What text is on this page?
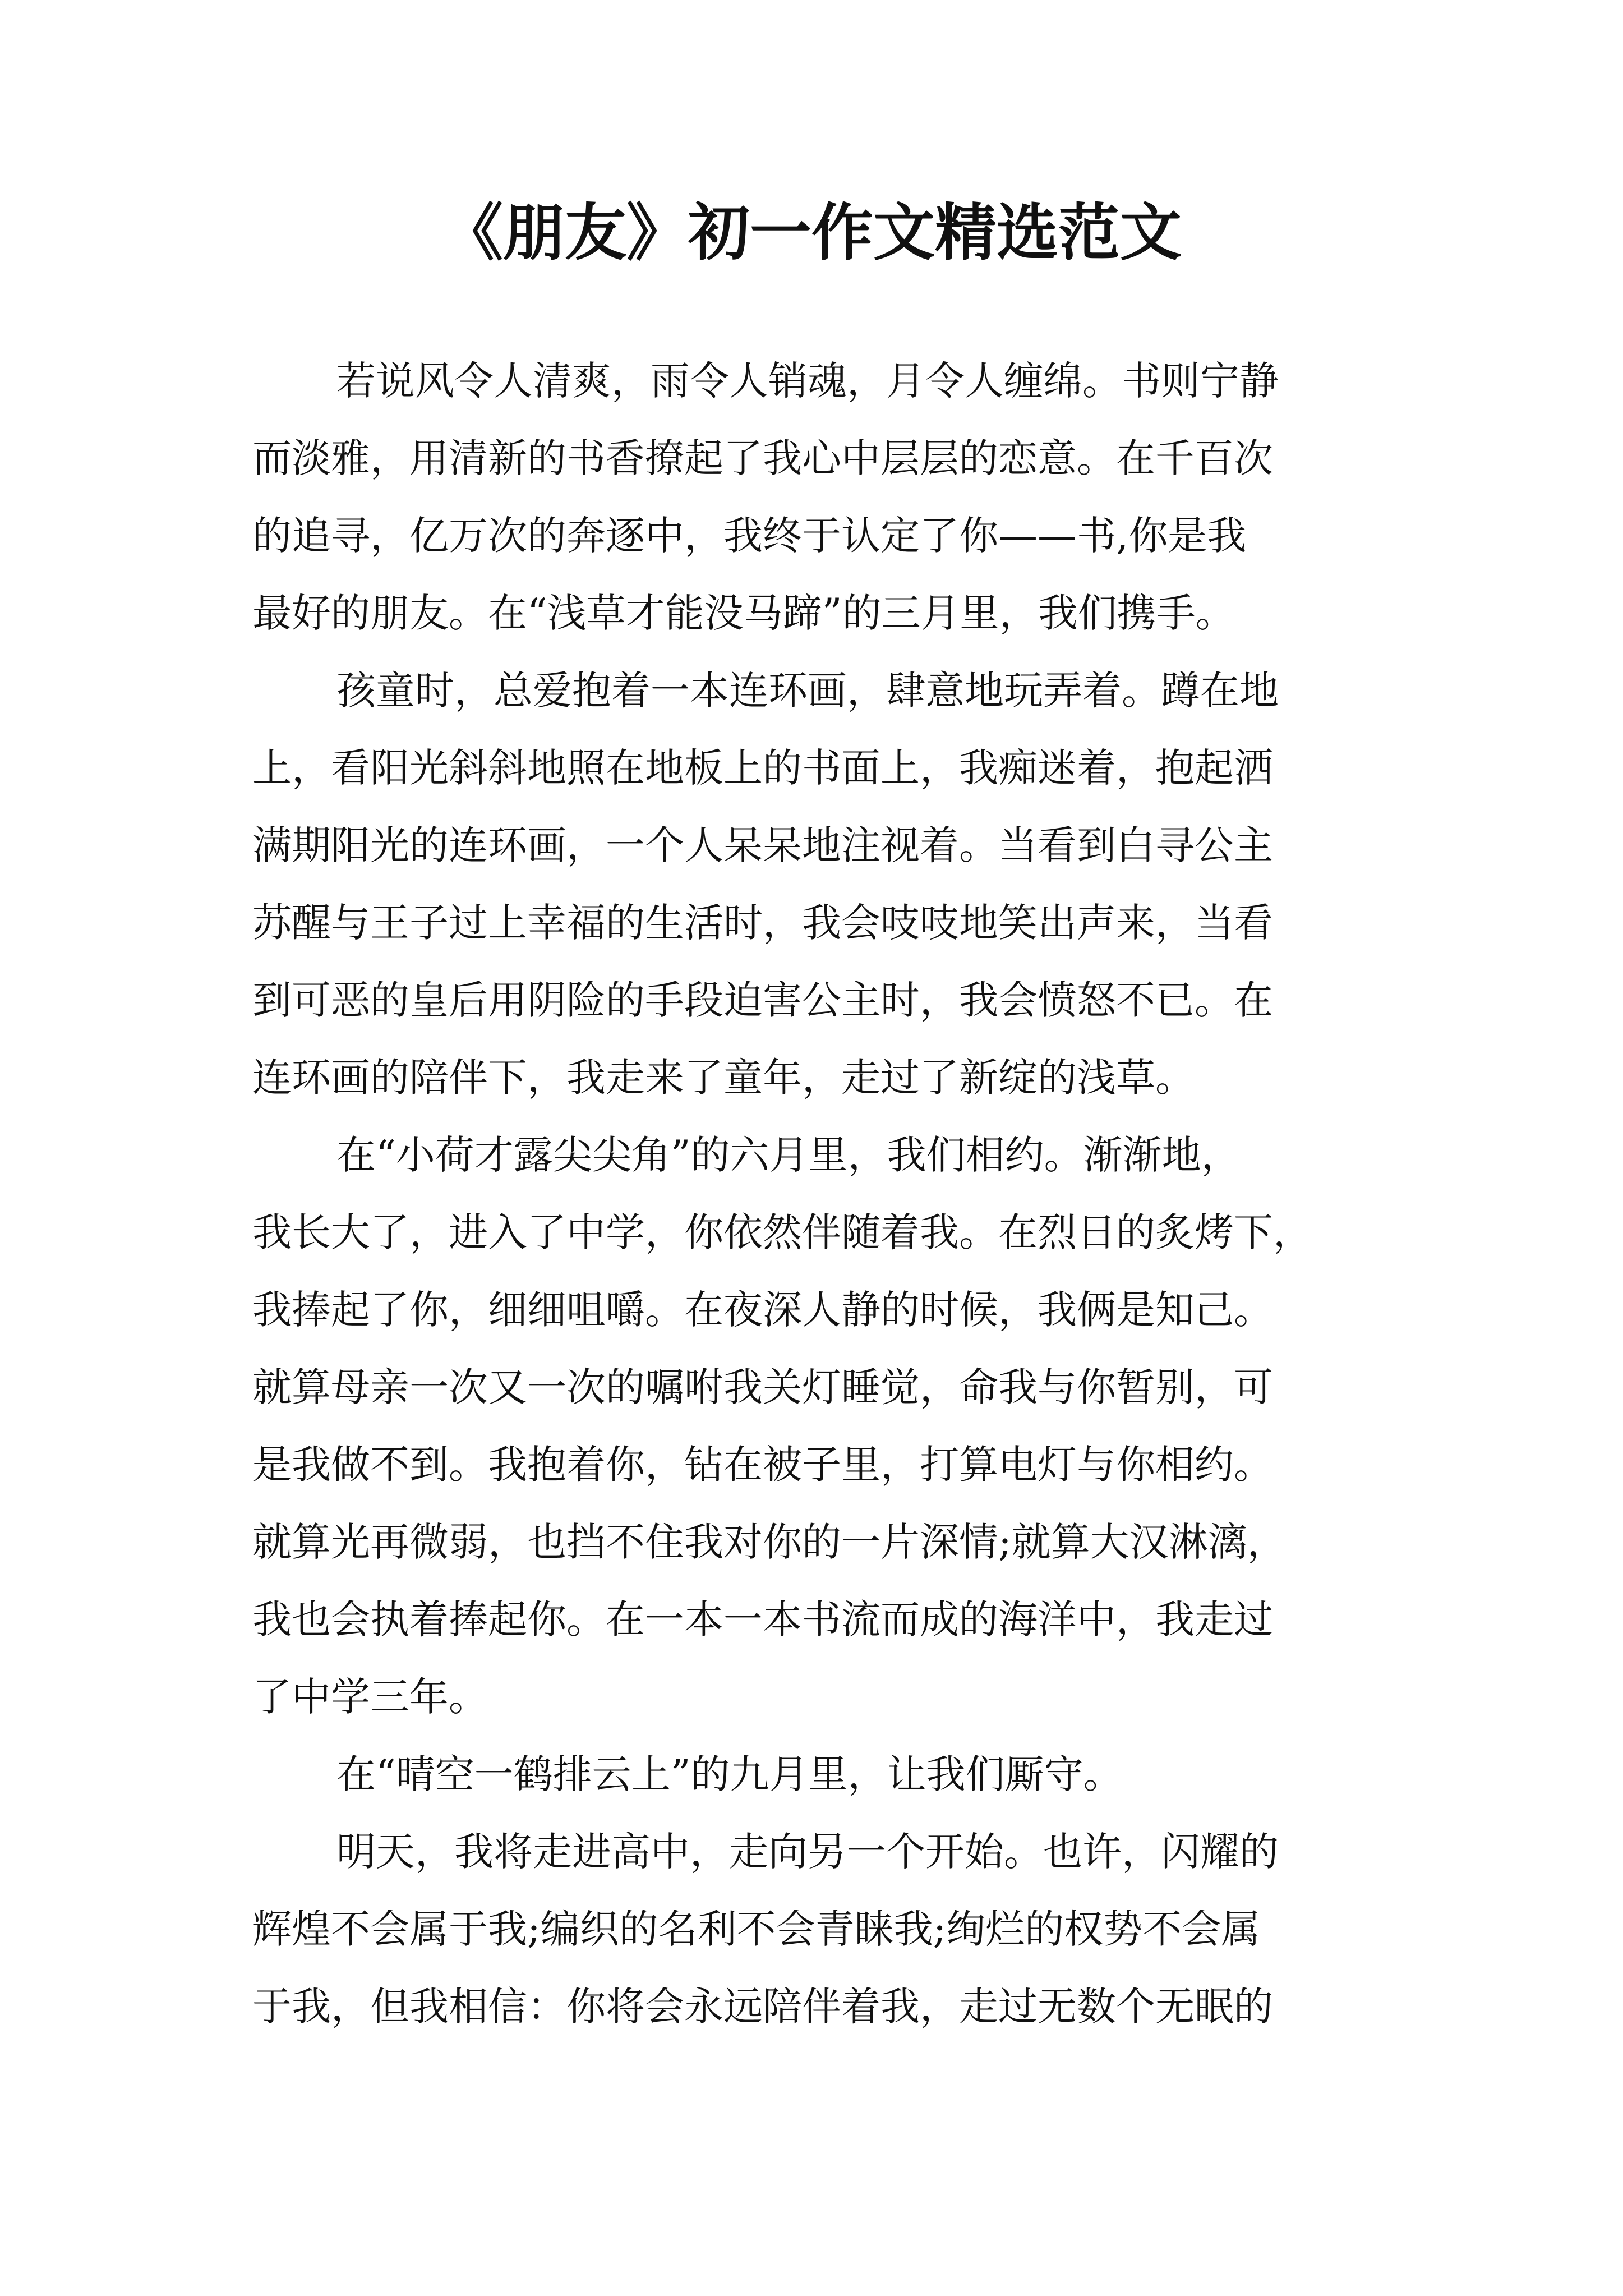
《朋友》初一作文精选范文
若说风令人清爽，雨令人销魂，月令人缠绵。书则宁静
而淡雅，用清新的书香撩起了我心中层层的恋意。在千百次
的追寻，亿万次的奔逐中，我终于认定了你——书,你是我
最好的朋友。在“浅草才能没马蹄”的三月里，我们携手。
孩童时，总爱抱着一本连环画，肆意地玩弄着。蹲在地
上，看阳光斜斜地照在地板上的书面上，我痴迷着，抱起洒
满期阳光的连环画，一个人呆呆地注视着。当看到白寻公主
苏醒与王子过上幸福的生活时，我会吱吱地笑出声来，当看
到可恶的皇后用阴险的手段迫害公主时，我会愤怒不已。在
连环画的陪伴下，我走来了童年，走过了新绽的浅草。
在“小荷才露尖尖角”的六月里，我们相约。渐渐地，
我长大了，进入了中学，你依然伴随着我。在烈日的炙烤下，
我捧起了你，细细咀嚼。在夜深人静的时候，我俩是知己。
就算母亲一次又一次的嘱咐我关灯睡觉，命我与你暂别，可
是我做不到。我抱着你，钻在被子里，打算电灯与你相约。
就算光再微弱，也挡不住我对你的一片深情;就算大汉淋漓，
我也会执着捧起你。在一本一本书流而成的海洋中，我走过
了中学三年。
在“晴空一鹤排云上”的九月里，让我们厮守。
明天，我将走进高中，走向另一个开始。也许，闪耀的
辉煌不会属于我;编织的名利不会青睐我;绚烂的权势不会属
于我，但我相信：你将会永远陪伴着我，走过无数个无眠的
